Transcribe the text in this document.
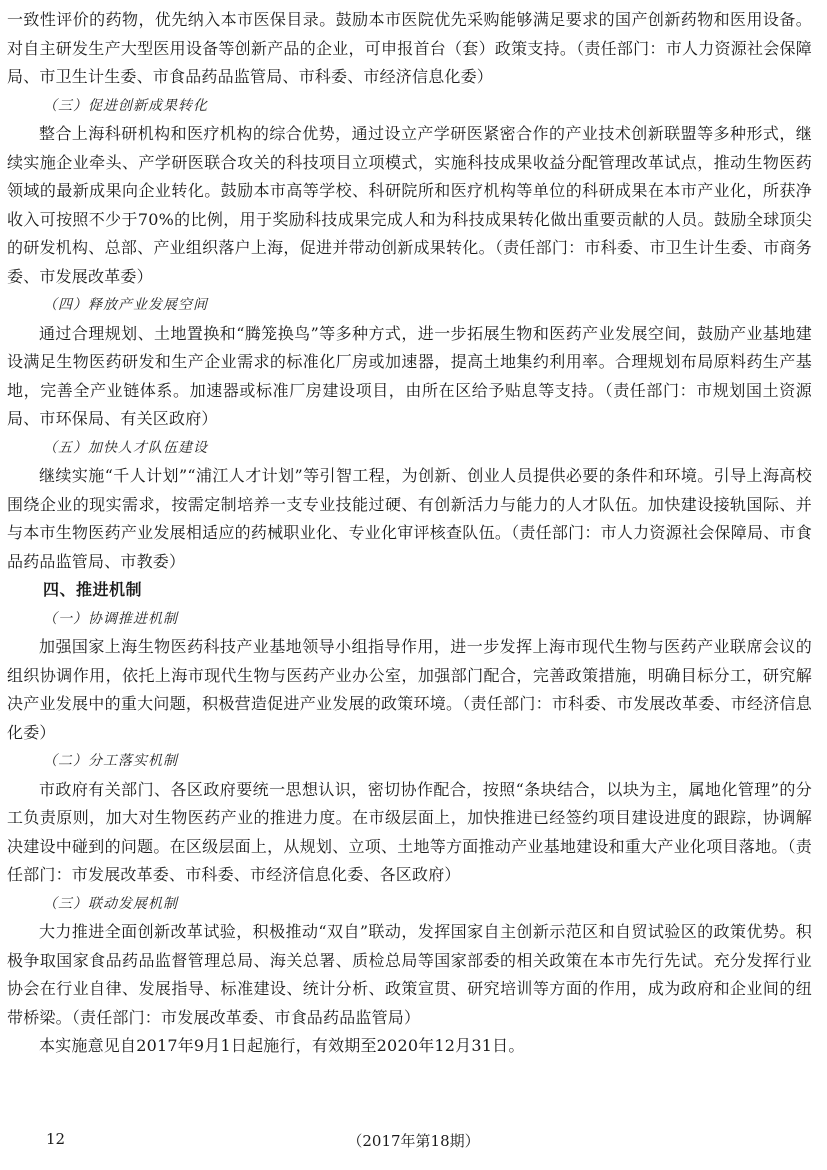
一致性评价的药物，优先纳入本市医保目录。鼓励本市医院优先采购能够满足要求的国产创新药物和医用设备。对自主研发生产大型医用设备等创新产品的企业，可申报首台（套）政策支持。（责任部门：市人力资源社会保障局、市卫生计生委、市食品药品监管局、市科委、市经济信息化委）

（三）促进创新成果转化

整合上海科研机构和医疗机构的综合优势，通过设立产学研医紧密合作的产业技术创新联盟等多种形式，继续实施企业牵头、产学研医联合攻关的科技项目立项模式，实施科技成果收益分配管理改革试点，推动生物医药领域的最新成果向企业转化。鼓励本市高等学校、科研院所和医疗机构等单位的科研成果在本市产业化，所获净收入可按照不少于70%的比例，用于奖励科技成果完成人和为科技成果转化做出重要贡献的人员。鼓励全球顶尖的研发机构、总部、产业组织落户上海，促进并带动创新成果转化。（责任部门：市科委、市卫生计生委、市商务委、市发展改革委）

（四）释放产业发展空间

通过合理规划、土地置换和“腾笼换鸟”等多种方式，进一步拓展生物和医药产业发展空间，鼓励产业基地建设满足生物医药研发和生产企业需求的标准化厂房或加速器，提高土地集约利用率。合理规划布局原料药生产基地，完善全产业链体系。加速器或标准厂房建设项目，由所在区给予贴息等支持。（责任部门：市规划国土资源局、市环保局、有关区政府）

（五）加快人才队伍建设

继续实施“千人计划”“浦江人才计划”等引智工程，为创新、创业人员提供必要的条件和环境。引导上海高校围绕企业的现实需求，按需定制培养一支专业技能过硬、有创新活力与能力的人才队伍。加快建设接轨国际、并与本市生物医药产业发展相适应的药械职业化、专业化审评核查队伍。（责任部门：市人力资源社会保障局、市食品药品监管局、市教委）

四、推进机制

（一）协调推进机制

加强国家上海生物医药科技产业基地领导小组指导作用，进一步发挥上海市现代生物与医药产业联席会议的组织协调作用，依托上海市现代生物与医药产业办公室，加强部门配合，完善政策措施，明确目标分工，研究解决产业发展中的重大问题，积极营造促进产业发展的政策环境。（责任部门：市科委、市发展改革委、市经济信息化委）

（二）分工落实机制

市政府有关部门、各区政府要统一思想认识，密切协作配合，按照“条块结合，以块为主，属地化管理”的分工负责原则，加大对生物医药产业的推进力度。在市级层面上，加快推进已经签约项目建设进度的跟踪，协调解决建设中碰到的问题。在区级层面上，从规划、立项、土地等方面推动产业基地建设和重大产业化项目落地。（责任部门：市发展改革委、市科委、市经济信息化委、各区政府）

（三）联动发展机制

大力推进全面创新改革试验，积极推动“双自”联动，发挥国家自主创新示范区和自贸试验区的政策优势。积极争取国家食品药品监督管理总局、海关总署、质检总局等国家部委的相关政策在本市先行先试。充分发挥行业协会在行业自律、发展指导、标准建设、统计分析、政策宣贯、研究培训等方面的作用，成为政府和企业间的纽带桥梁。（责任部门：市发展改革委、市食品药品监管局）

本实施意见自2017年9月1日起施行，有效期至2020年12月31日。

12	（2017年第18期）
